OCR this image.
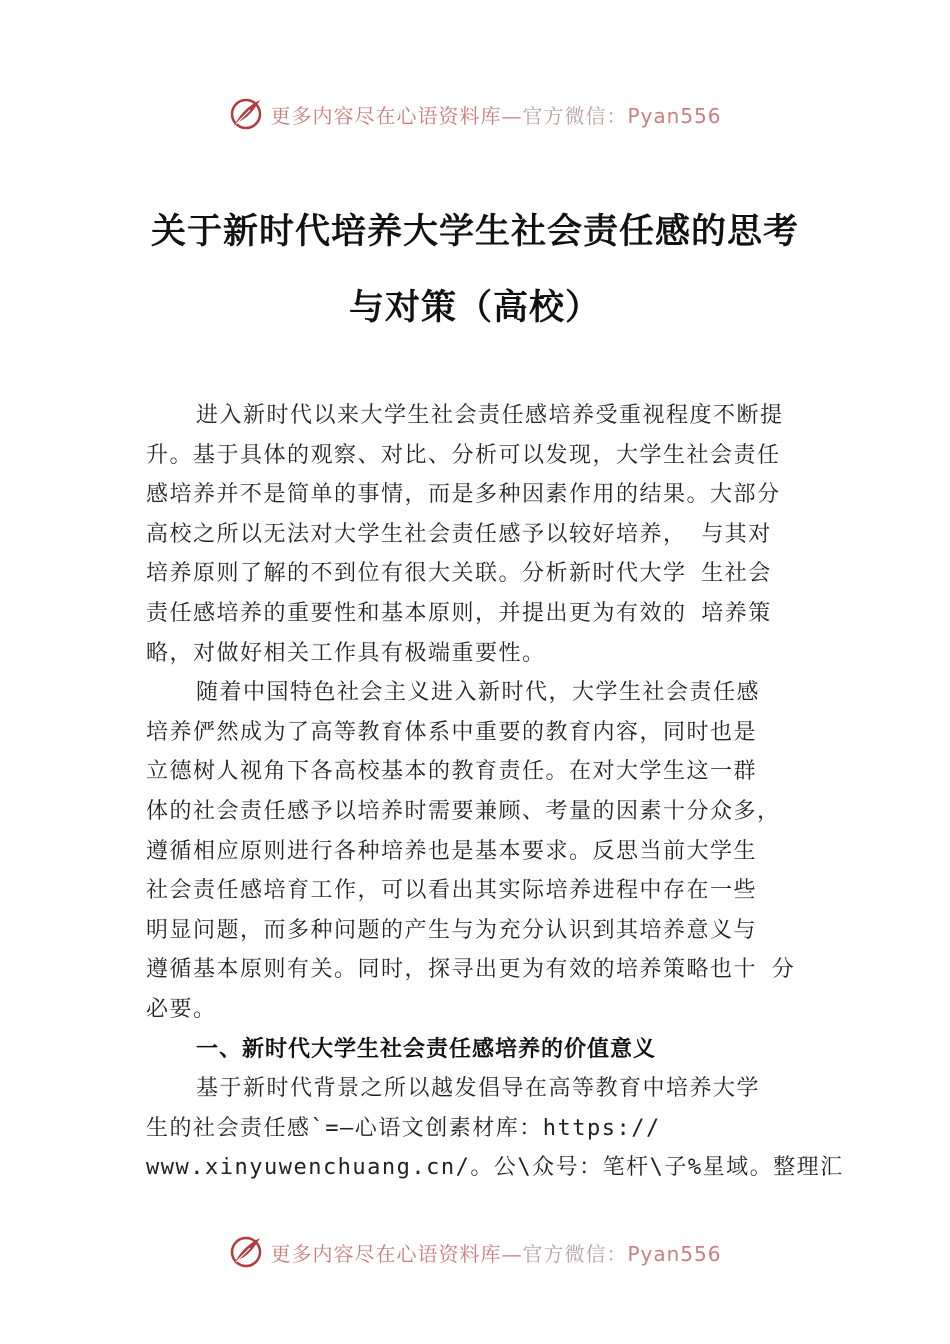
更多内容尽在心语资料库—官方微信：Pyan556
关于新时代培养大学生社会责任感的思考
与对策（高校）
进入新时代以来大学生社会责任感培养受重视程度不断提
升。基于具体的观察、对比、分析可以发现，大学生社会责任
感培养并不是简单的事情，而是多种因素作用的结果。大部分
高校之所以无法对大学生社会责任感予以较好培养， 与其对
培养原则了解的不到位有很大关联。分析新时代大学 生社会
责任感培养的重要性和基本原则，并提出更为有效的 培养策
略，对做好相关工作具有极端重要性。
随着中国特色社会主义进入新时代，大学生社会责任感
培养俨然成为了高等教育体系中重要的教育内容，同时也是
立德树人视角下各高校基本的教育责任。在对大学生这一群
体的社会责任感予以培养时需要兼顾、考量的因素十分众多，
遵循相应原则进行各种培养也是基本要求。反思当前大学生
社会责任感培育工作，可以看出其实际培养进程中存在一些
明显问题，而多种问题的产生与为充分认识到其培养意义与
遵循基本原则有关。同时，探寻出更为有效的培养策略也十 分
必要。
一、新时代大学生社会责任感培养的价值意义
基于新时代背景之所以越发倡导在高等教育中培养大学
生的社会责任感`=—心语文创素材库：https://
www.xinyuwenchuang.cn/。公\众号：笔杆\子%星域。整理汇
更多内容尽在心语资料库—官方微信：Pyan556
